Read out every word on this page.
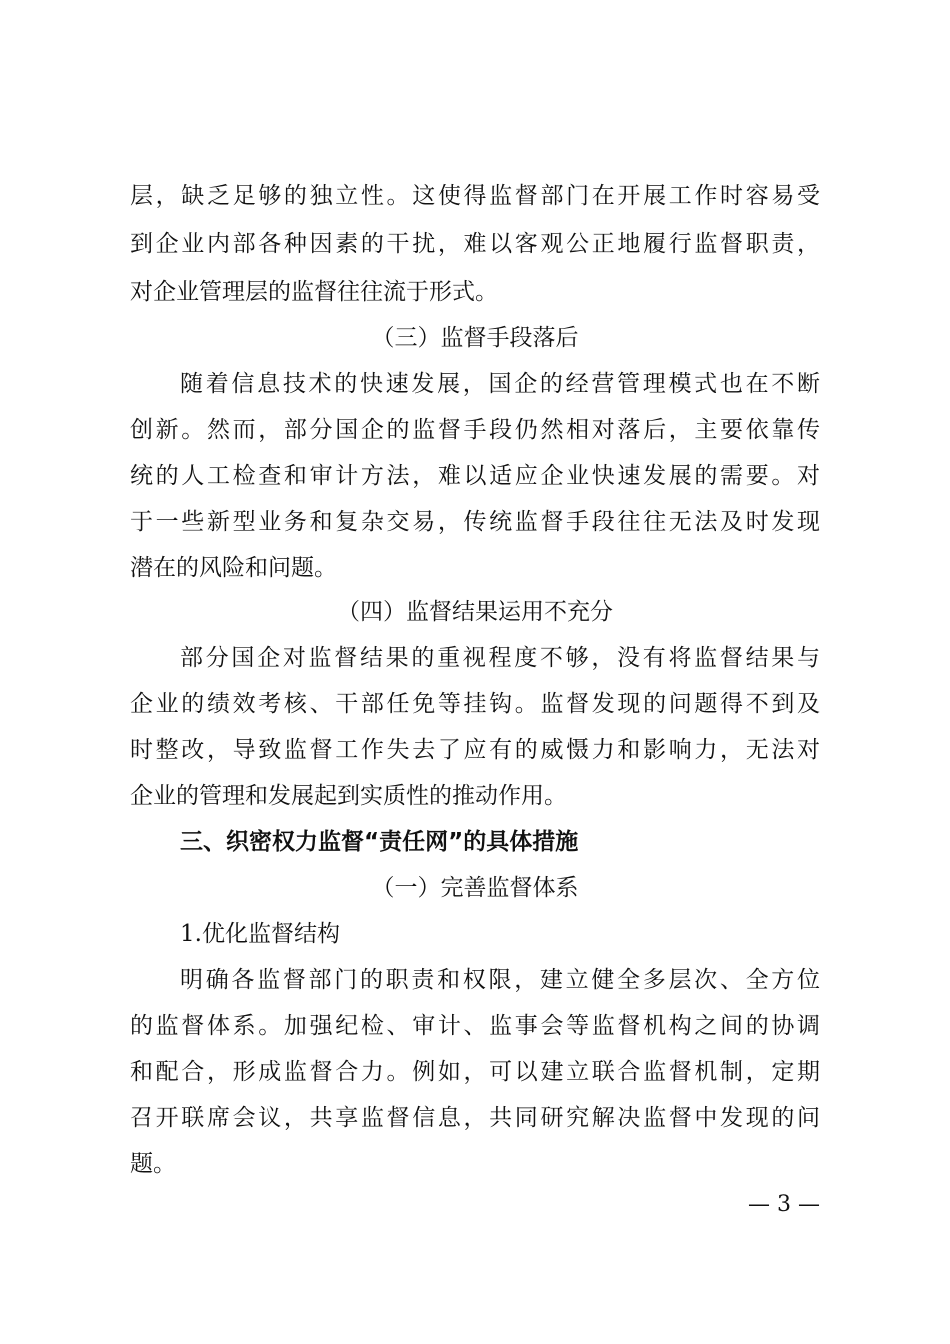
层，缺乏足够的独立性。这使得监督部门在开展工作时容易受
到企业内部各种因素的干扰，难以客观公正地履行监督职责，
对企业管理层的监督往往流于形式。
（三）监督手段落后
随着信息技术的快速发展，国企的经营管理模式也在不断
创新。然而，部分国企的监督手段仍然相对落后，主要依靠传
统的人工检查和审计方法，难以适应企业快速发展的需要。对
于一些新型业务和复杂交易，传统监督手段往往无法及时发现
潜在的风险和问题。
（四）监督结果运用不充分
部分国企对监督结果的重视程度不够，没有将监督结果与
企业的绩效考核、干部任免等挂钩。监督发现的问题得不到及
时整改，导致监督工作失去了应有的威慑力和影响力，无法对
企业的管理和发展起到实质性的推动作用。
三、织密权力监督“责任网”的具体措施
（一）完善监督体系
1.优化监督结构
明确各监督部门的职责和权限，建立健全多层次、全方位
的监督体系。加强纪检、审计、监事会等监督机构之间的协调
和配合，形成监督合力。例如，可以建立联合监督机制，定期
召开联席会议，共享监督信息，共同研究解决监督中发现的问
题。
— 3 —
